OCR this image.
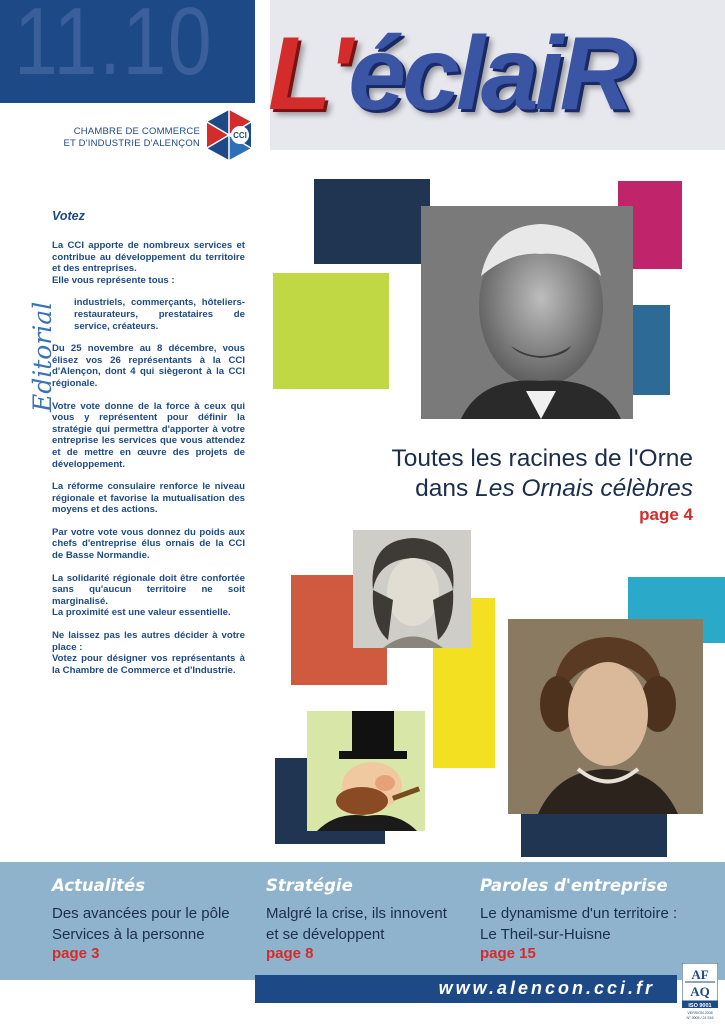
11.10
CHAMBRE DE COMMERCE
ET D'INDUSTRIE D'ALENÇON
CCI
L'éclaiR
Votez
Editorial

La CCI apporte de nombreux services et contribue au développement du territoire et des entreprises.
Elle vous représente tous :

industriels, commerçants, hôteliers-restaurateurs, prestataires de service, créateurs.

Du 25 novembre au 8 décembre, vous élisez vos 26 représentants à la CCI d'Alençon, dont 4 qui siègeront à la CCI régionale.

Votre vote donne de la force à ceux qui vous y représentent pour définir la stratégie qui permettra d'apporter à votre entreprise les services que vous attendez et de mettre en œuvre des projets de développement.

La réforme consulaire renforce le niveau régionale et favorise la mutualisation des moyens et des actions.

Par votre vote vous donnez du poids aux chefs d'entreprise élus ornais de la CCI de Basse Normandie.

La solidarité régionale doit être confortée sans qu'aucun territoire ne soit marginalisé.
La proximité est une valeur essentielle.

Ne laissez pas les autres décider à votre place :
Votez pour désigner vos représentants à la Chambre de Commerce et d'Industrie.

Toutes les racines de l'Orne
dans Les Ornais célèbres
page 4
Actualités
Des avancées pour le pôle
Services à la personne
page 3
Stratégie
Malgré la crise, ils innovent
et se développent
page 8
Paroles d'entreprise
Le dynamisme d'un territoire :
Le Theil-sur-Huisne
page 15
www.alencon.cci.fr
AF
AQ
ISO 9001
VERSION 2008
N° 2005 / 24 516
